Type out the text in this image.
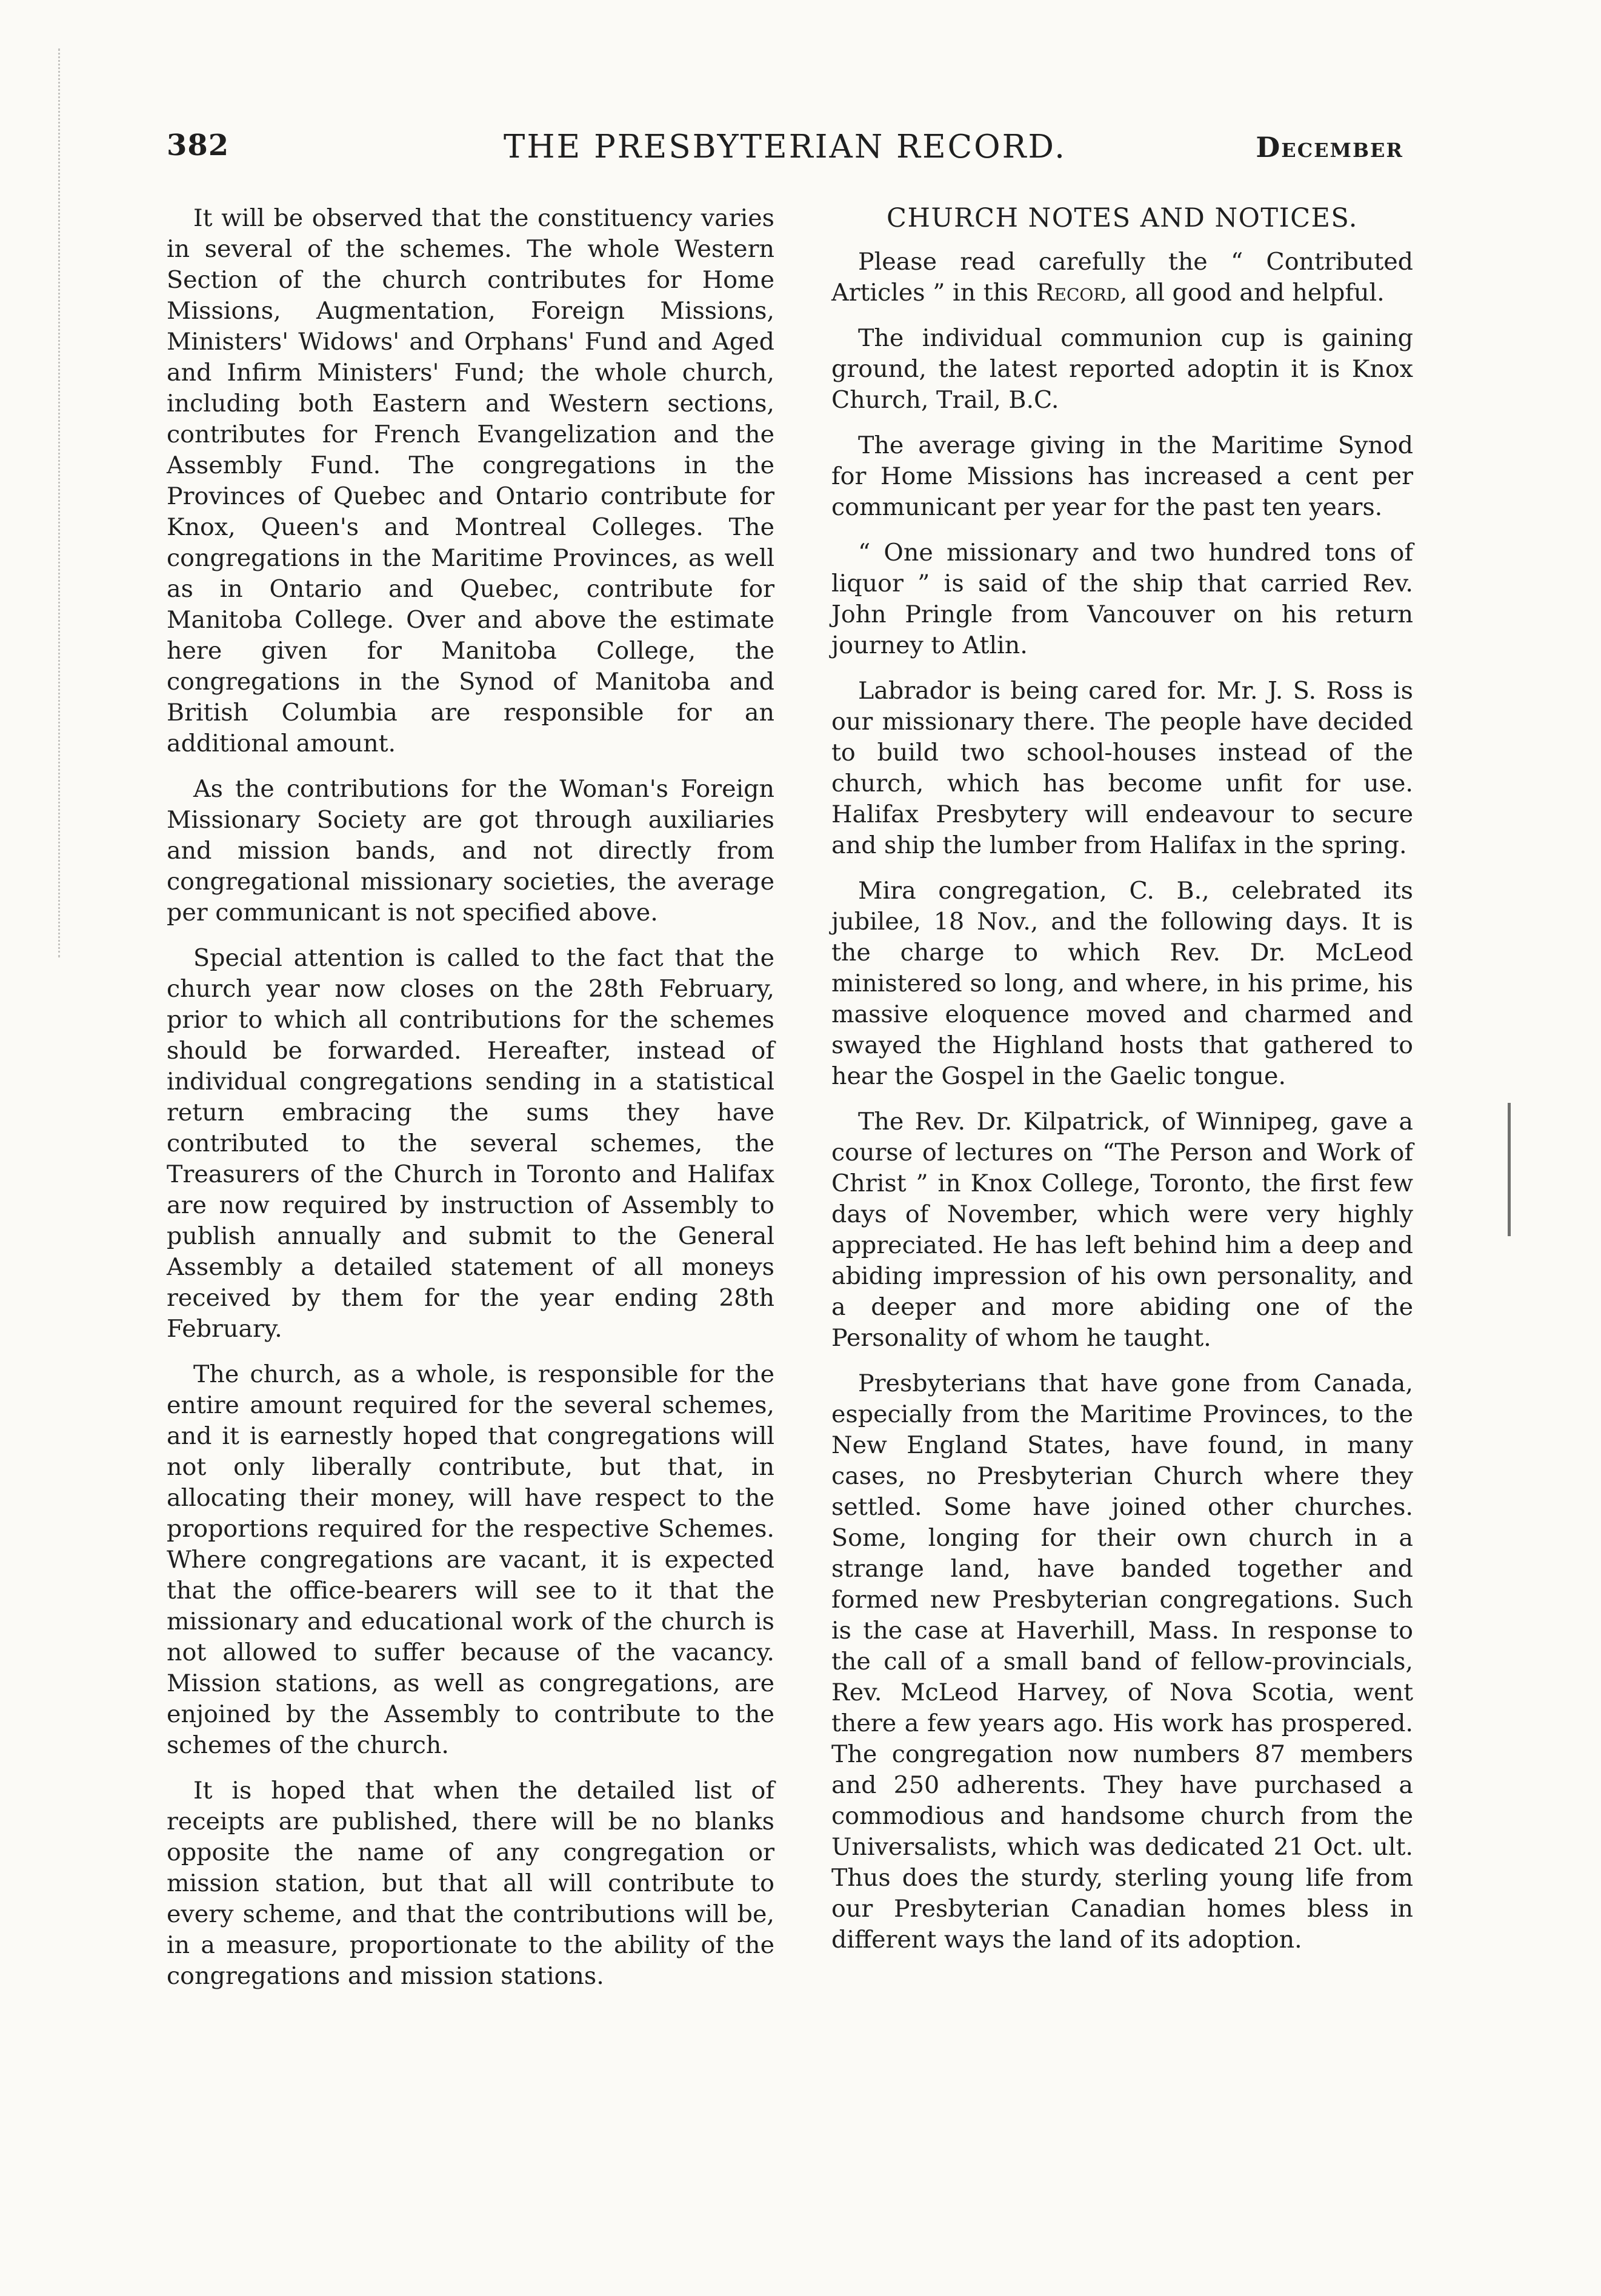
382	THE PRESBYTERIAN RECORD.	December

It will be observed that the constituency varies in several of the schemes. The whole Western Section of the church contributes for Home Missions, Augmentation, Foreign Missions, Ministers' Widows' and Orphans' Fund and Aged and Infirm Ministers' Fund; the whole church, including both Eastern and Western sections, contributes for French Evangelization and the Assembly Fund. The congregations in the Provinces of Quebec and Ontario contribute for Knox, Queen's and Montreal Colleges. The congregations in the Maritime Provinces, as well as in Ontario and Quebec, contribute for Manitoba College. Over and above the estimate here given for Manitoba College, the congregations in the Synod of Manitoba and British Columbia are responsible for an additional amount.

As the contributions for the Woman's Foreign Missionary Society are got through auxiliaries and mission bands, and not directly from congregational missionary societies, the average per communicant is not specified above.

Special attention is called to the fact that the church year now closes on the 28th February, prior to which all contributions for the schemes should be forwarded. Hereafter, instead of individual congregations sending in a statistical return embracing the sums they have contributed to the several schemes, the Treasurers of the Church in Toronto and Halifax are now required by instruction of Assembly to publish annually and submit to the General Assembly a detailed statement of all moneys received by them for the year ending 28th February.

The church, as a whole, is responsible for the entire amount required for the several schemes, and it is earnestly hoped that congregations will not only liberally contribute, but that, in allocating their money, will have respect to the proportions required for the respective Schemes. Where congregations are vacant, it is expected that the office-bearers will see to it that the missionary and educational work of the church is not allowed to suffer because of the vacancy. Mission stations, as well as congregations, are enjoined by the Assembly to contribute to the schemes of the church.

It is hoped that when the detailed list of receipts are published, there will be no blanks opposite the name of any congregation or mission station, but that all will contribute to every scheme, and that the contributions will be, in a measure, proportionate to the ability of the congregations and mission stations.

CHURCH NOTES AND NOTICES.

Please read carefully the “ Contributed Articles ” in this Record, all good and helpful.

The individual communion cup is gaining ground, the latest reported adoptin it is Knox Church, Trail, B.C.

The average giving in the Maritime Synod for Home Missions has increased a cent per communicant per year for the past ten years.

“ One missionary and two hundred tons of liquor ” is said of the ship that carried Rev. John Pringle from Vancouver on his return journey to Atlin.

Labrador is being cared for. Mr. J. S. Ross is our missionary there. The people have decided to build two school-houses instead of the church, which has become unfit for use. Halifax Presbytery will endeavour to secure and ship the lumber from Halifax in the spring.

Mira congregation, C. B., celebrated its jubilee, 18 Nov., and the following days. It is the charge to which Rev. Dr. McLeod ministered so long, and where, in his prime, his massive eloquence moved and charmed and swayed the Highland hosts that gathered to hear the Gospel in the Gaelic tongue.

The Rev. Dr. Kilpatrick, of Winnipeg, gave a course of lectures on “The Person and Work of Christ ” in Knox College, Toronto, the first few days of November, which were very highly appreciated. He has left behind him a deep and abiding impression of his own personality, and a deeper and more abiding one of the Personality of whom he taught.

Presbyterians that have gone from Canada, especially from the Maritime Provinces, to the New England States, have found, in many cases, no Presbyterian Church where they settled. Some have joined other churches. Some, longing for their own church in a strange land, have banded together and formed new Presbyterian congregations. Such is the case at Haverhill, Mass. In response to the call of a small band of fellow-provincials, Rev. McLeod Harvey, of Nova Scotia, went there a few years ago. His work has prospered. The congregation now numbers 87 members and 250 adherents. They have purchased a commodious and handsome church from the Universalists, which was dedicated 21 Oct. ult. Thus does the sturdy, sterling young life from our Presbyterian Canadian homes bless in different ways the land of its adoption.
